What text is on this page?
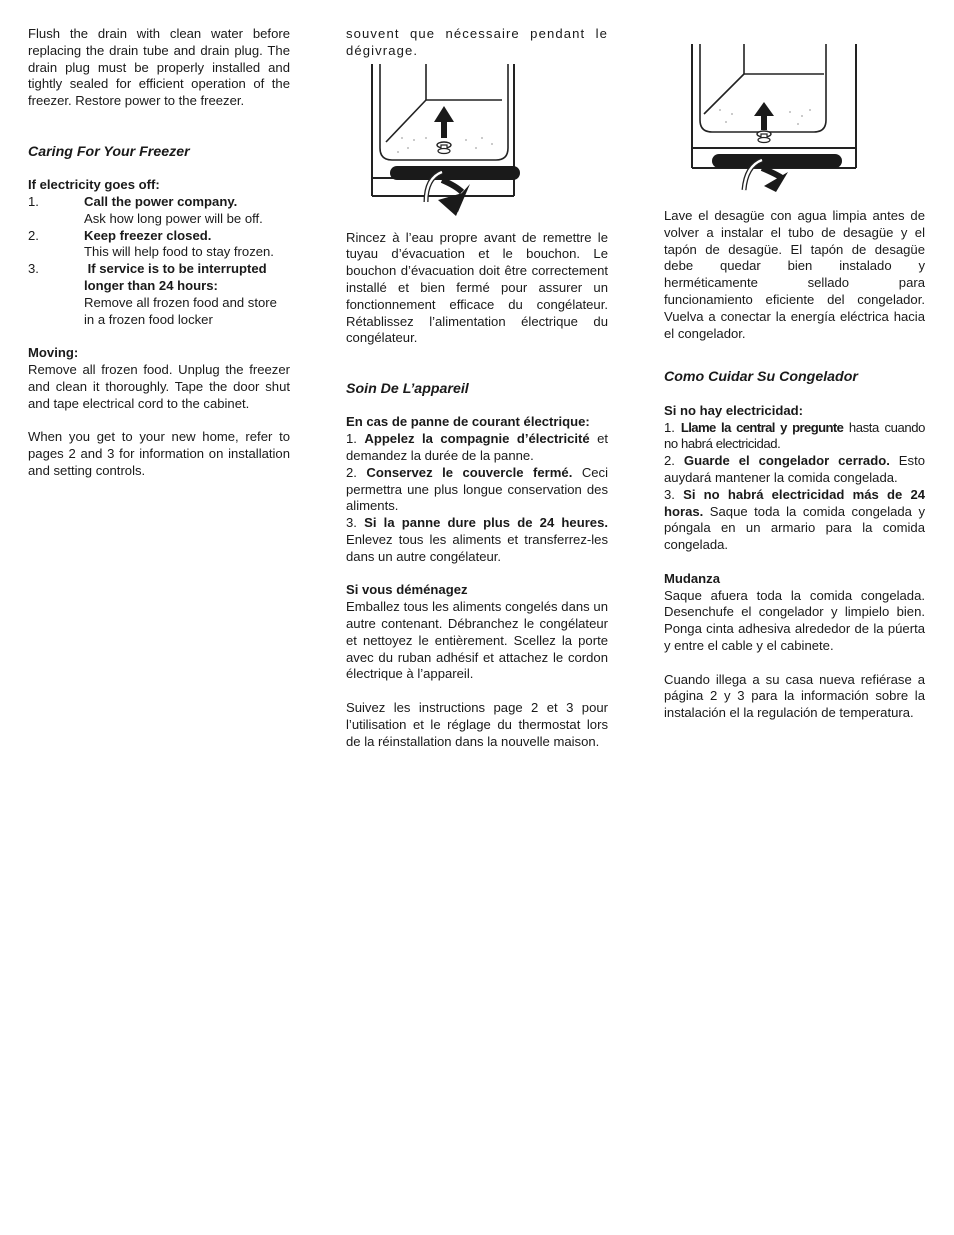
Flush the drain with clean water before replacing the drain tube and drain plug. The drain plug must be properly installed and tightly sealed for efficient operation of the freezer. Restore power to the freezer.

Caring For Your Freezer

If electricity goes off:

1.	Call the power company.

Ask how long power will be off.

2.	Keep freezer closed.

This will help food to stay frozen.

3.	If service is to be interrupted longer than 24 hours:

Remove all frozen food and store in a frozen food locker

Moving:

Remove all frozen food. Unplug the freezer and clean it thoroughly. Tape the door shut and tape electrical cord to the cabinet.

When you get to your new home, refer to pages 2 and 3 for information on installation and setting controls.

souvent que nécessaire pendant le dégivrage.

Rincez à l’eau propre avant de remettre le tuyau d’évacuation et le bouchon. Le bouchon d’évacuation doit être correctement installé et bien fermé pour assurer un fonctionnement efficace du congélateur. Rétablissez l’alimentation électrique du congélateur.

Soin De L’appareil

En cas de panne de courant électrique:

1. Appelez la compagnie d’électricité et demandez la durée de la panne.

2. Conservez le couvercle fermé. Ceci permettra une plus longue conservation des aliments.

3. Si la panne dure plus de 24 heures. Enlevez tous les aliments et transferrez-les dans un autre congélateur.

Si vous déménagez

Emballez tous les aliments congelés dans un autre contenant. Débranchez le congélateur et nettoyez le entièrement. Scellez la porte avec du ruban adhésif et attachez le cordon électrique à l’appareil.

Suivez les instructions page 2 et 3 pour l’utilisation et le réglage du thermostat lors de la réinstallation dans la nouvelle maison.

Lave el desagüe con agua limpia antes de volver a instalar el tubo de desagüe y el tapón de desagüe. El tapón de desagüe debe quedar bien instalado y herméticamente sellado para funcionamiento eficiente del congelador. Vuelva a conectar la energía eléctrica hacia el congelador.

Como Cuidar Su Congelador

Si no hay electricidad:

1. Llame la central y pregunte hasta cuando no habrá electricidad.

2. Guarde el congelador cerrado. Esto auydará mantener la comida congelada.

3. Si no habrá electricidad más de 24 horas. Saque toda la comida congelada y póngala en un armario para la comida congelada.

Mudanza

Saque afuera toda la comida congelada. Desenchufe el congelador y limpielo bien. Ponga cinta adhesiva alrededor de la púerta y entre el cable y el cabinete.

Cuando illega a su casa nueva refiérase a página 2 y 3 para la información sobre la instalación el la regulación de temperatura.
